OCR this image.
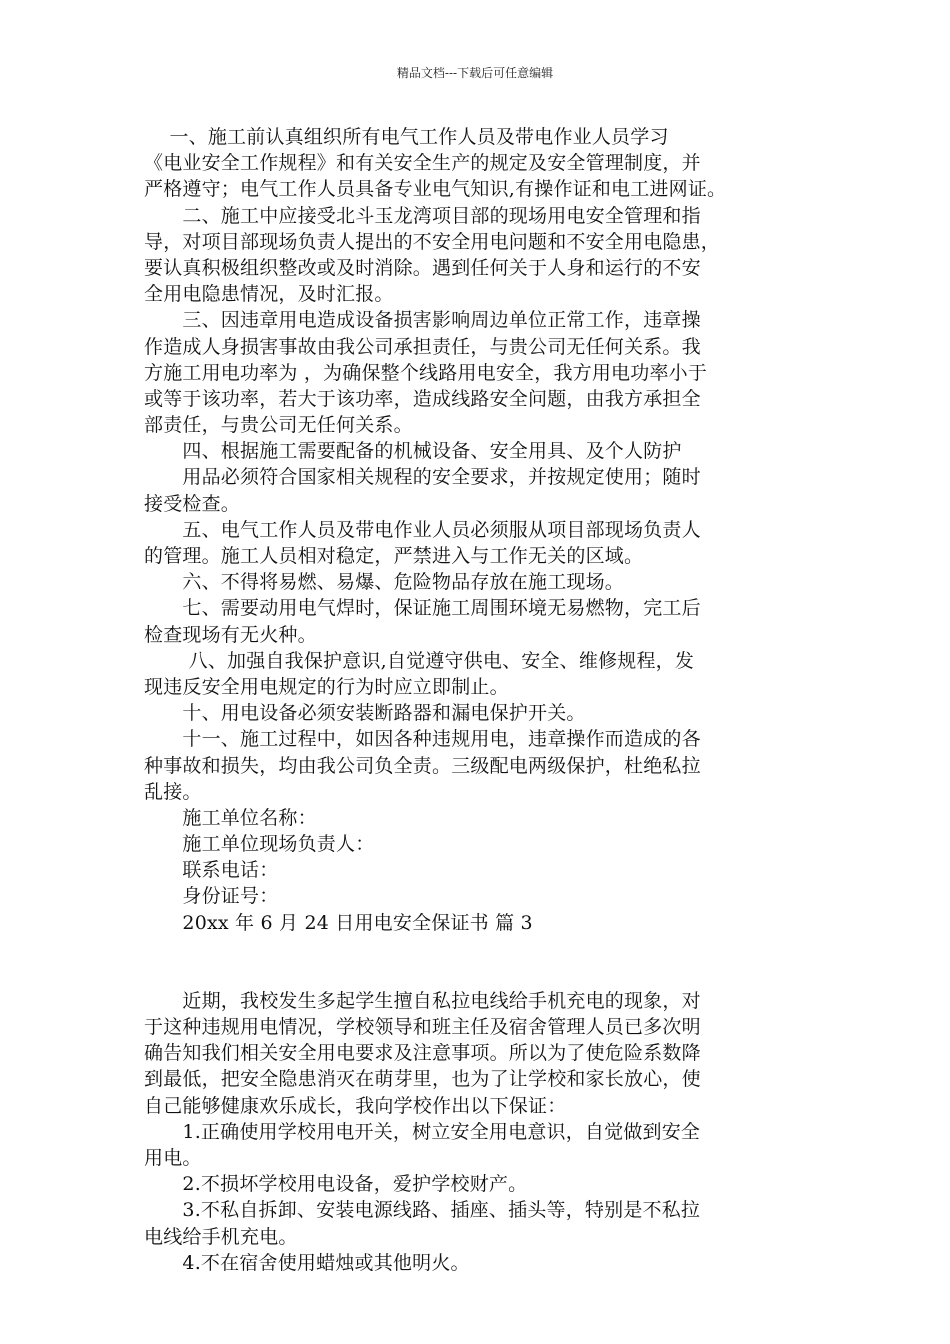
精品文档---下载后可任意编辑
　 一、施工前认真组织所有电气工作人员及带电作业人员学习
《电业安全工作规程》和有关安全生产的规定及安全管理制度，并
严格遵守；电气工作人员具备专业电气知识,有操作证和电工进网证。
　　二、施工中应接受北斗玉龙湾项目部的现场用电安全管理和指
导，对项目部现场负责人提出的不安全用电问题和不安全用电隐患，
要认真积极组织整改或及时消除。遇到任何关于人身和运行的不安
全用电隐患情况，及时汇报。
　　三、因违章用电造成设备损害影响周边单位正常工作，违章操
作造成人身损害事故由我公司承担责任，与贵公司无任何关系。我
方施工用电功率为 ，为确保整个线路用电安全，我方用电功率小于
或等于该功率，若大于该功率，造成线路安全问题，由我方承担全
部责任，与贵公司无任何关系。
　　四、根据施工需要配备的机械设备、安全用具、及个人防护
　　用品必须符合国家相关规程的安全要求，并按规定使用；随时
接受检查。
　　五、电气工作人员及带电作业人员必须服从项目部现场负责人
的管理。施工人员相对稳定，严禁进入与工作无关的区域。
　　六、不得将易燃、易爆、危险物品存放在施工现场。
　　七、需要动用电气焊时，保证施工周围环境无易燃物，完工后
检查现场有无火种。
　　 八、加强自我保护意识,自觉遵守供电、安全、维修规程，发
现违反安全用电规定的行为时应立即制止。
　　十、用电设备必须安装断路器和漏电保护开关。
　　十一、施工过程中，如因各种违规用电，违章操作而造成的各
种事故和损失，均由我公司负全责。三级配电两级保护，杜绝私拉
乱接。
　　施工单位名称：
　　施工单位现场负责人：
　　联系电话：
　　身份证号：
　　20xx 年 6 月 24 日用电安全保证书 篇 3
　　近期，我校发生多起学生擅自私拉电线给手机充电的现象，对
于这种违规用电情况，学校领导和班主任及宿舍管理人员已多次明
确告知我们相关安全用电要求及注意事项。所以为了使危险系数降
到最低，把安全隐患消灭在萌芽里，也为了让学校和家长放心，使
自己能够健康欢乐成长，我向学校作出以下保证：
　　1.正确使用学校用电开关，树立安全用电意识，自觉做到安全
用电。
　　2.不损坏学校用电设备，爱护学校财产。
　　3.不私自拆卸、安装电源线路、插座、插头等，特别是不私拉
电线给手机充电。
　　4.不在宿舍使用蜡烛或其他明火。
